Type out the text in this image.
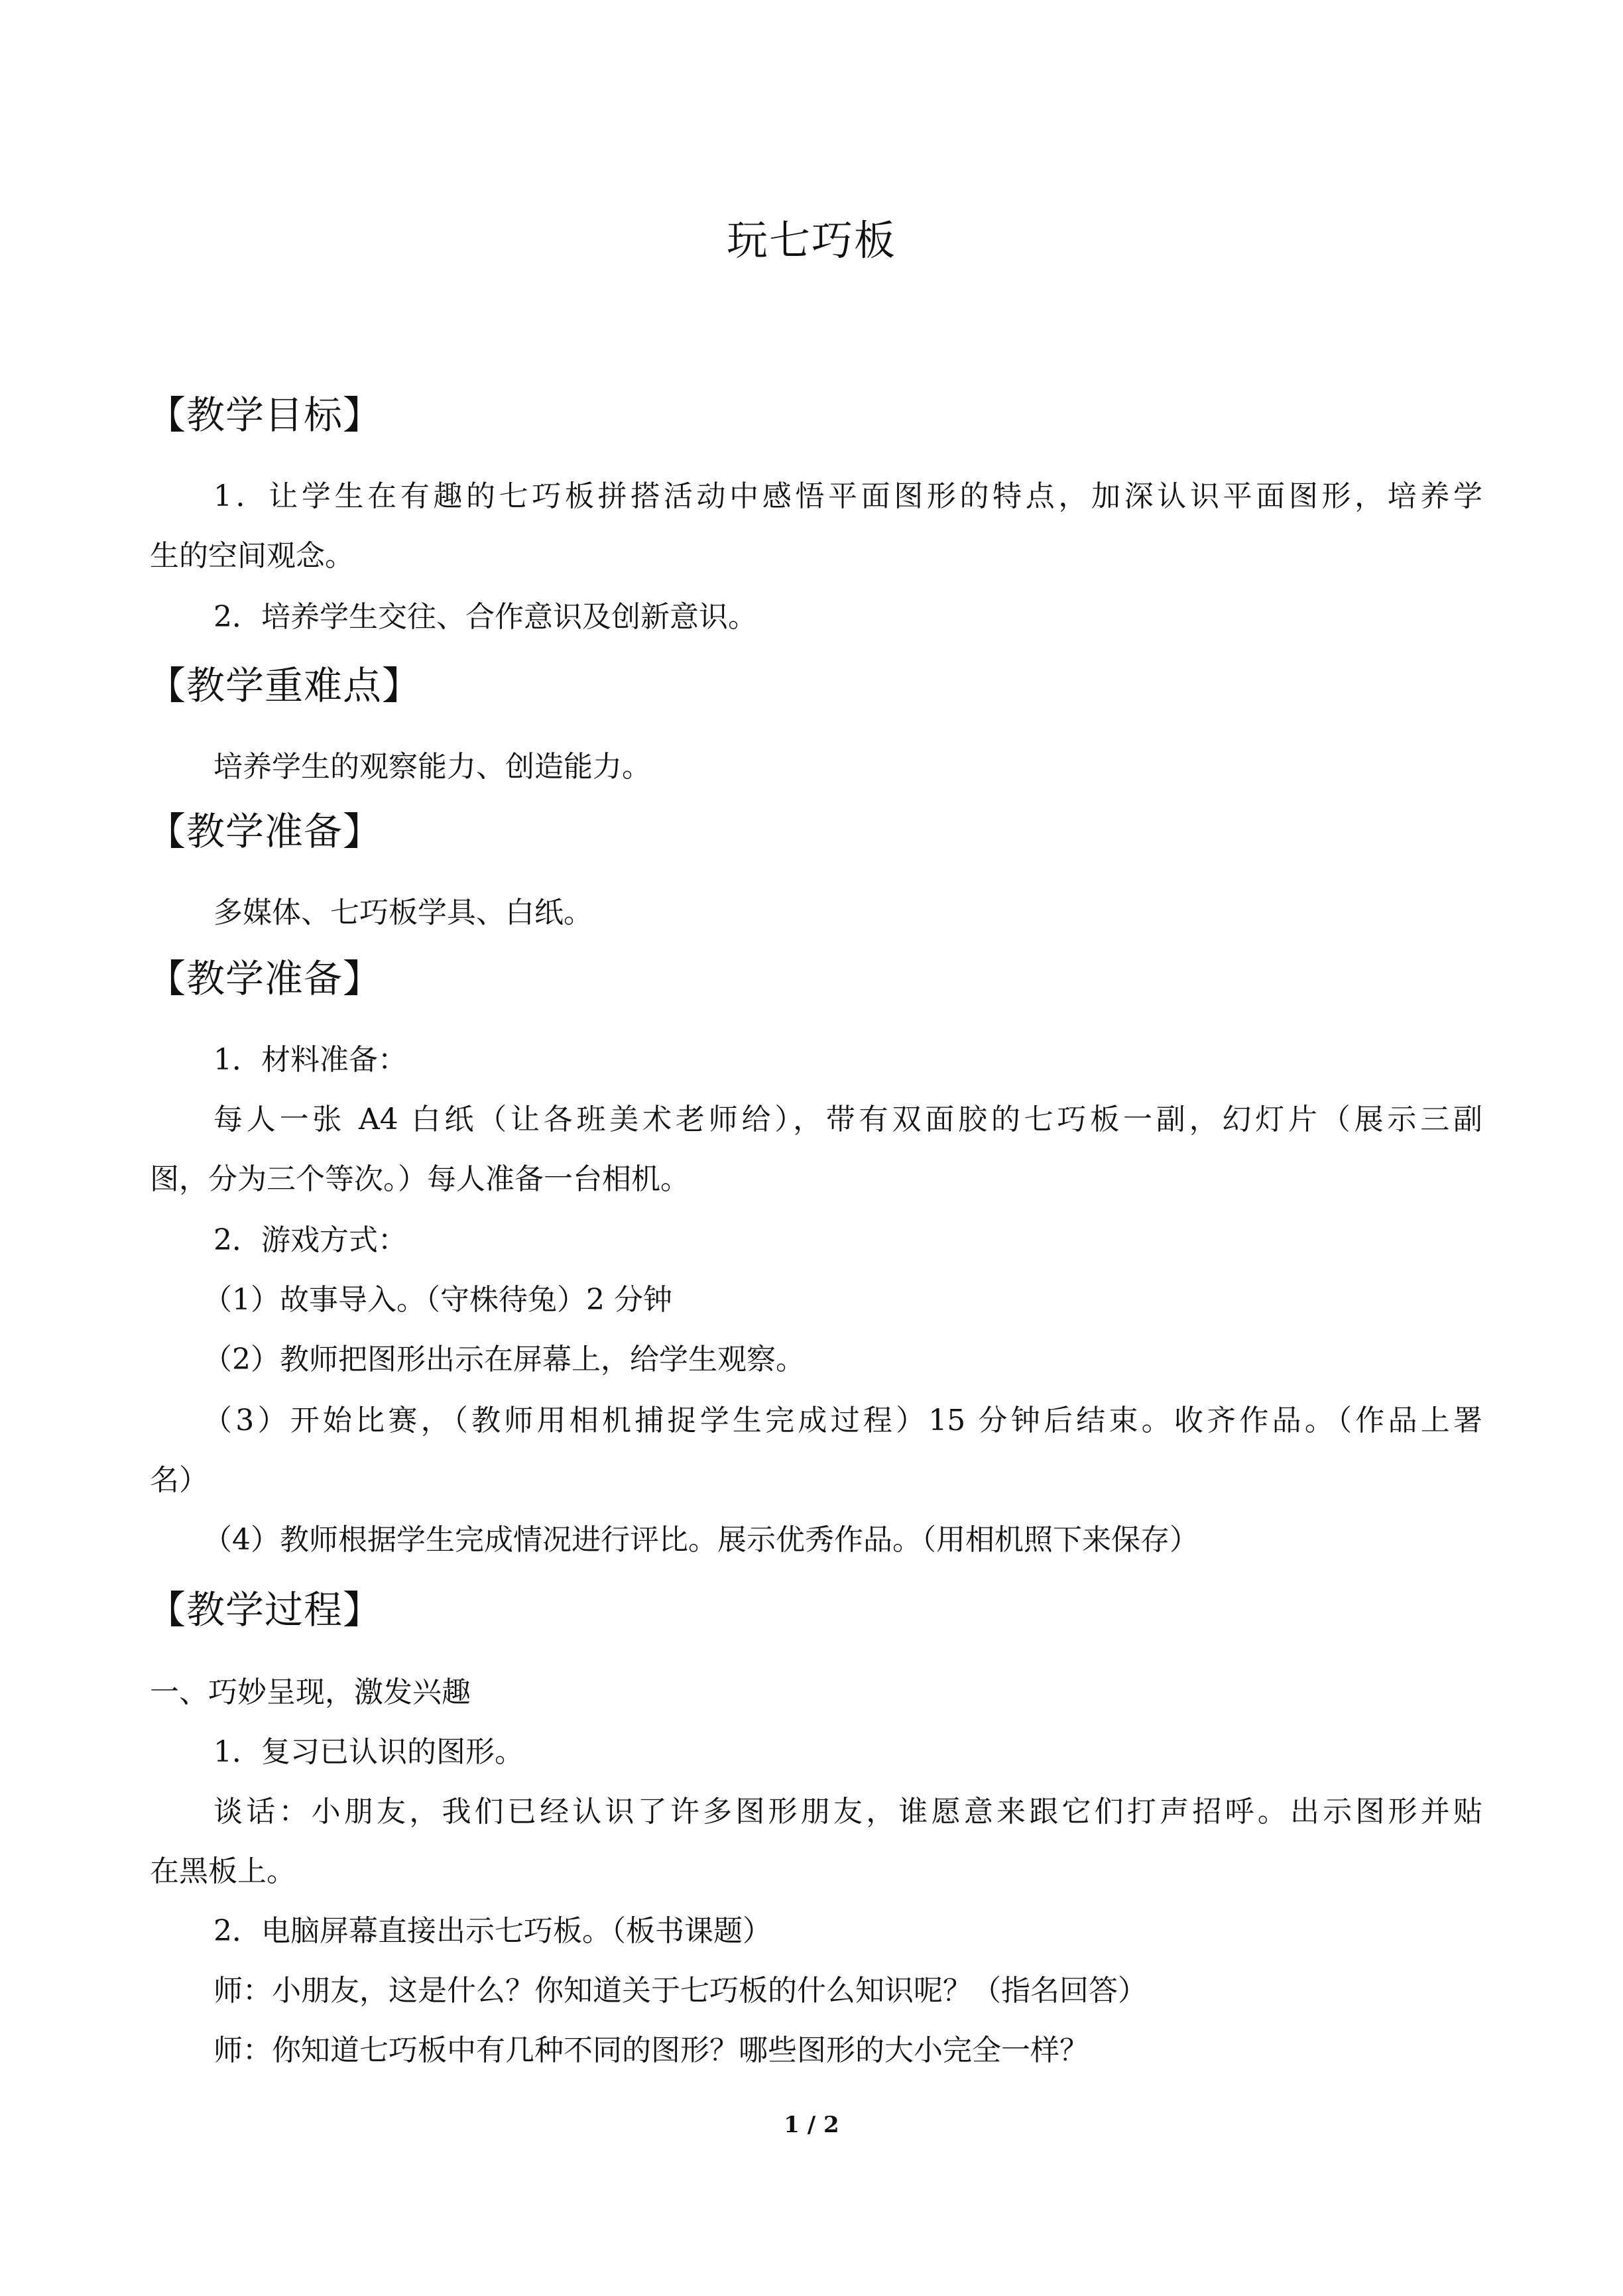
玩七巧板
【教学目标】
1．让学生在有趣的七巧板拼搭活动中感悟平面图形的特点，加深认识平面图形，培养学
生的空间观念。
2．培养学生交往、合作意识及创新意识。
【教学重难点】
培养学生的观察能力、创造能力。
【教学准备】
多媒体、七巧板学具、白纸。
【教学准备】
1．材料准备：
每人一张 A4 白纸（让各班美术老师给），带有双面胶的七巧板一副，幻灯片（展示三副
图，分为三个等次。）每人准备一台相机。
2．游戏方式：
（1）故事导入。（守株待兔）2 分钟
（2）教师把图形出示在屏幕上，给学生观察。
（3）开始比赛，（教师用相机捕捉学生完成过程）15 分钟后结束。收齐作品。（作品上署
名）
（4）教师根据学生完成情况进行评比。展示优秀作品。（用相机照下来保存）
【教学过程】
一、巧妙呈现，激发兴趣
1．复习已认识的图形。
谈话：小朋友，我们已经认识了许多图形朋友，谁愿意来跟它们打声招呼。出示图形并贴
在黑板上。
2．电脑屏幕直接出示七巧板。（板书课题）
师：小朋友，这是什么？你知道关于七巧板的什么知识呢？（指名回答）
师：你知道七巧板中有几种不同的图形？哪些图形的大小完全一样？
1 / 2
